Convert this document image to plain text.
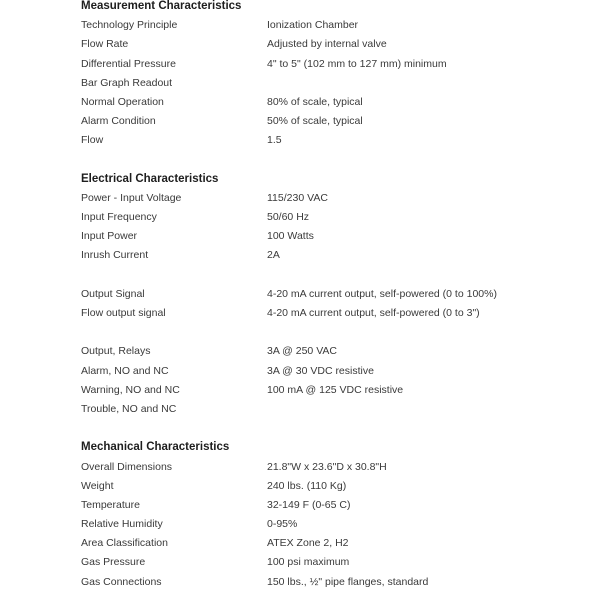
Measurement Characteristics
Technology Principle	Ionization Chamber
Flow Rate	Adjusted by internal valve
Differential Pressure	4" to 5" (102 mm to 127 mm) minimum
Bar Graph Readout
Normal Operation	80% of scale, typical
Alarm Condition	50% of scale, typical
Flow	1.5
Electrical Characteristics
Power - Input Voltage	115/230 VAC
Input Frequency	50/60 Hz
Input Power	100 Watts
Inrush Current	2A
Output Signal	4-20 mA current output, self-powered (0 to 100%)
Flow output signal	4-20 mA current output, self-powered (0 to 3")
Output, Relays	3A @ 250 VAC
Alarm, NO and NC	3A @ 30 VDC resistive
Warning, NO and NC	100 mA @ 125 VDC resistive
Trouble, NO and NC
Mechanical Characteristics
Overall Dimensions	21.8"W x 23.6"D x 30.8"H
Weight	240 lbs. (110 Kg)
Temperature	32-149 F (0-65 C)
Relative Humidity	0-95%
Area Classification	ATEX Zone 2, H2
Gas Pressure	100 psi maximum
Gas Connections	150 lbs., ½" pipe flanges, standard
